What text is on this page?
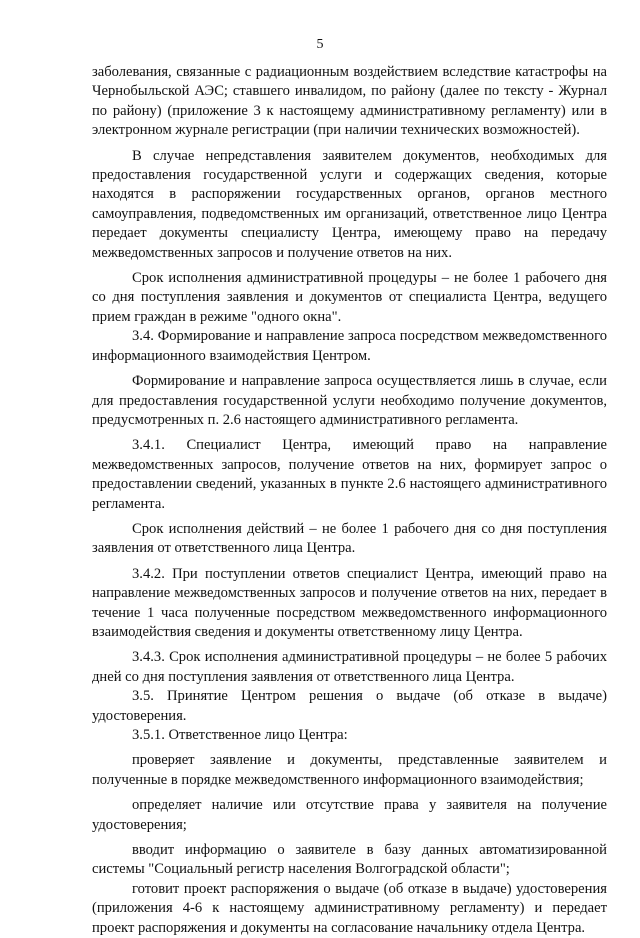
5

заболевания, связанные с радиационным воздействием вследствие катастрофы на Чернобыльской АЭС; ставшего инвалидом, по району (далее по тексту - Журнал по району) (приложение 3 к настоящему административному регламенту) или в электронном журнале регистрации (при наличии технических возможностей).

В случае непредставления заявителем документов, необходимых для предоставления государственной услуги и содержащих сведения, которые находятся в распоряжении государственных органов, органов местного самоуправления, подведомственных им организаций, ответственное лицо Центра передает документы специалисту Центра, имеющему право на передачу межведомственных запросов и получение ответов на них.

Срок исполнения административной процедуры – не более 1 рабочего дня со дня поступления заявления и документов от специалиста Центра, ведущего прием граждан в режиме "одного окна".

3.4. Формирование и направление запроса посредством межведомственного информационного взаимодействия Центром.

Формирование и направление запроса осуществляется лишь в случае, если для предоставления государственной услуги необходимо получение документов, предусмотренных п. 2.6 настоящего административного регламента.

3.4.1. Специалист Центра, имеющий право на направление межведомственных запросов, получение ответов на них, формирует запрос о предоставлении сведений, указанных в пункте 2.6 настоящего административного регламента.

Срок исполнения действий – не более 1 рабочего дня со дня поступления заявления от ответственного лица Центра.

3.4.2. При поступлении ответов специалист Центра, имеющий право на направление межведомственных запросов и получение ответов на них, передает в течение 1 часа полученные посредством межведомственного информационного взаимодействия сведения и документы ответственному лицу Центра.

3.4.3. Срок исполнения административной процедуры – не более 5 рабочих дней со дня поступления заявления от ответственного лица Центра.

3.5. Принятие Центром решения о выдаче (об отказе в выдаче) удостоверения.

3.5.1. Ответственное лицо Центра:

проверяет заявление и документы, представленные заявителем и полученные в порядке межведомственного информационного взаимодействия;

определяет наличие или отсутствие права у заявителя на получение удостоверения;

вводит информацию о заявителе в базу данных автоматизированной системы "Социальный регистр населения Волгоградской области";

готовит проект распоряжения о выдаче (об отказе в выдаче) удостоверения (приложения 4-6 к настоящему административному регламенту) и передает проект распоряжения и документы на согласование начальнику отдела Центра.
